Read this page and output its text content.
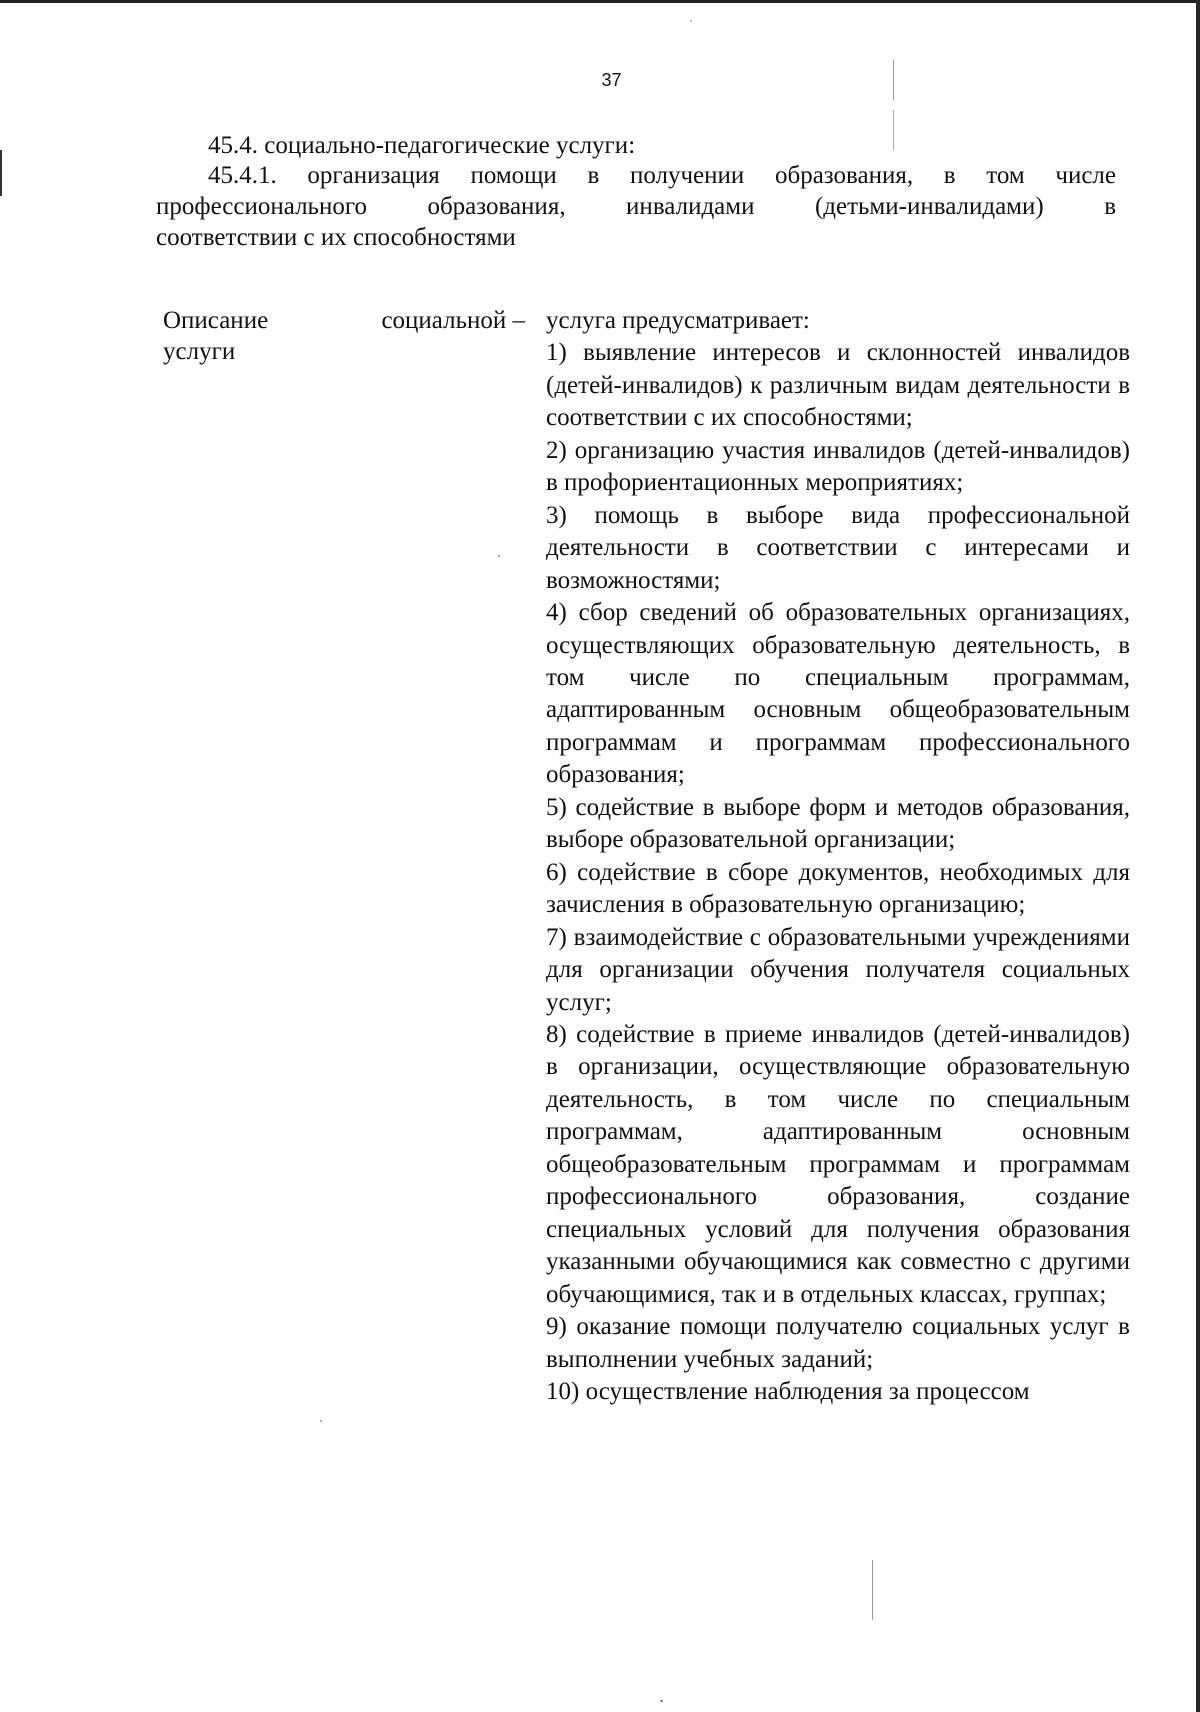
37
45.4. социально-педагогические услуги:
45.4.1. организация помощи в получении образования, в том числе
профессионального образования, инвалидами (детьми-инвалидами) в
соответствии с их способностями
Описание	социальной –
услуги
услуга предусматривает:
1) выявление интересов и склонностей инвалидов (детей-инвалидов) к различным видам деятельности в соответствии с их способностями;
2) организацию участия инвалидов (детей-инвалидов) в профориентационных мероприятиях;
3) помощь в выборе вида профессиональной деятельности в соответствии с интересами и возможностями;
4) сбор сведений об образовательных организациях, осуществляющих образовательную деятельность, в том числе по специальным программам, адаптированным основным общеобразовательным программам и программам профессионального образования;
5) содействие в выборе форм и методов образования, выборе образовательной организации;
6) содействие в сборе документов, необходимых для зачисления в образовательную организацию;
7) взаимодействие с образовательными учреждениями для организации обучения получателя социальных услуг;
8) содействие в приеме инвалидов (детей-инвалидов) в организации, осуществляющие образовательную деятельность, в том числе по специальным программам, адаптированным основным общеобразовательным программам и программам профессионального образования, создание специальных условий для получения образования указанными обучающимися как совместно с другими обучающимися, так и в отдельных классах, группах;
9) оказание помощи получателю социальных услуг в выполнении учебных заданий;
10) осуществление наблюдения за процессом
